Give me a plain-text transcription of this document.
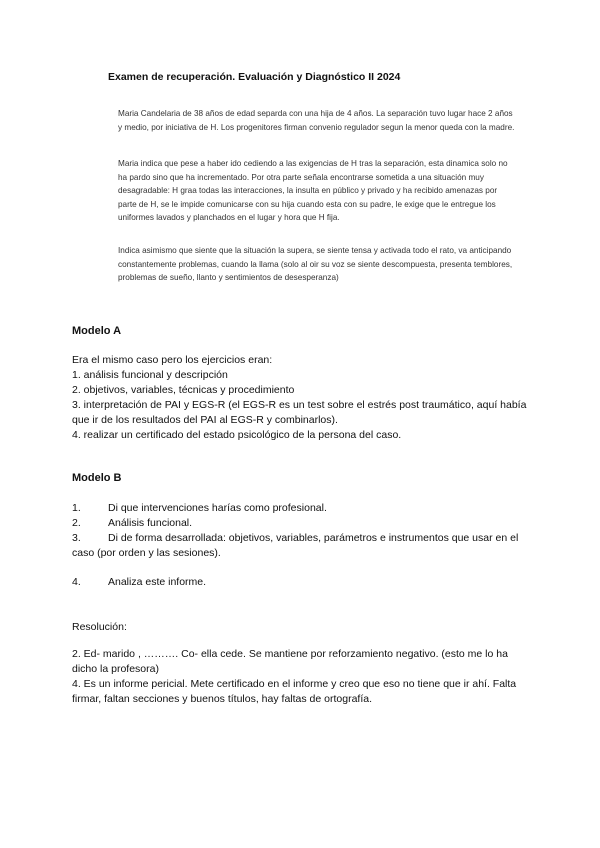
Examen de recuperación. Evaluación y Diagnóstico II 2024

Maria Candelaria de 38 años de edad separda con una hija de 4 años. La separación tuvo lugar hace 2 años y medio, por iniciativa de H. Los progenitores firman convenio regulador segun la menor queda con la madre.

Maria indica que pese a haber ido cediendo a las exigencias de H tras la separación, esta dinamica solo no ha pardo sino que ha incrementado. Por otra parte señala encontrarse sometida a una situación muy desagradable: H graa todas las interacciones, la insulta en público y privado y ha recibido amenazas por parte de H, se le impide comunicarse con su hija cuando esta con su padre, le exige que le entregue los uniformes lavados y planchados en el lugar y hora que H fija.

Indica asimismo que siente que la situación la supera, se siente tensa y activada todo el rato, va anticipando constantemente problemas, cuando la llama (solo al oir su voz se siente descompuesta, presenta temblores, problemas de sueño, llanto y sentimientos de desesperanza)

Modelo A
Era el mismo caso pero los ejercicios eran:
1. análisis funcional y descripción
2. objetivos, variables, técnicas y procedimiento
3. interpretación de PAI y EGS-R (el EGS-R es un test sobre el estrés post traumático, aquí había que ir de los resultados del PAI al EGS-R y combinarlos).
4. realizar un certificado del estado psicológico de la persona del caso.
Modelo B
1.	Di que intervenciones harías como profesional.
2.	Análisis funcional.
3.	Di de forma desarrollada: objetivos, variables, parámetros e instrumentos que usar en el caso (por orden y las sesiones).
4.	Analiza este informe.
Resolución:
2. Ed- marido , ………. Co- ella cede. Se mantiene por reforzamiento negativo. (esto me lo ha dicho la profesora)
4. Es un informe pericial. Mete certificado en el informe y creo que eso no tiene que ir ahí. Falta firmar, faltan secciones y buenos títulos, hay faltas de ortografía.
